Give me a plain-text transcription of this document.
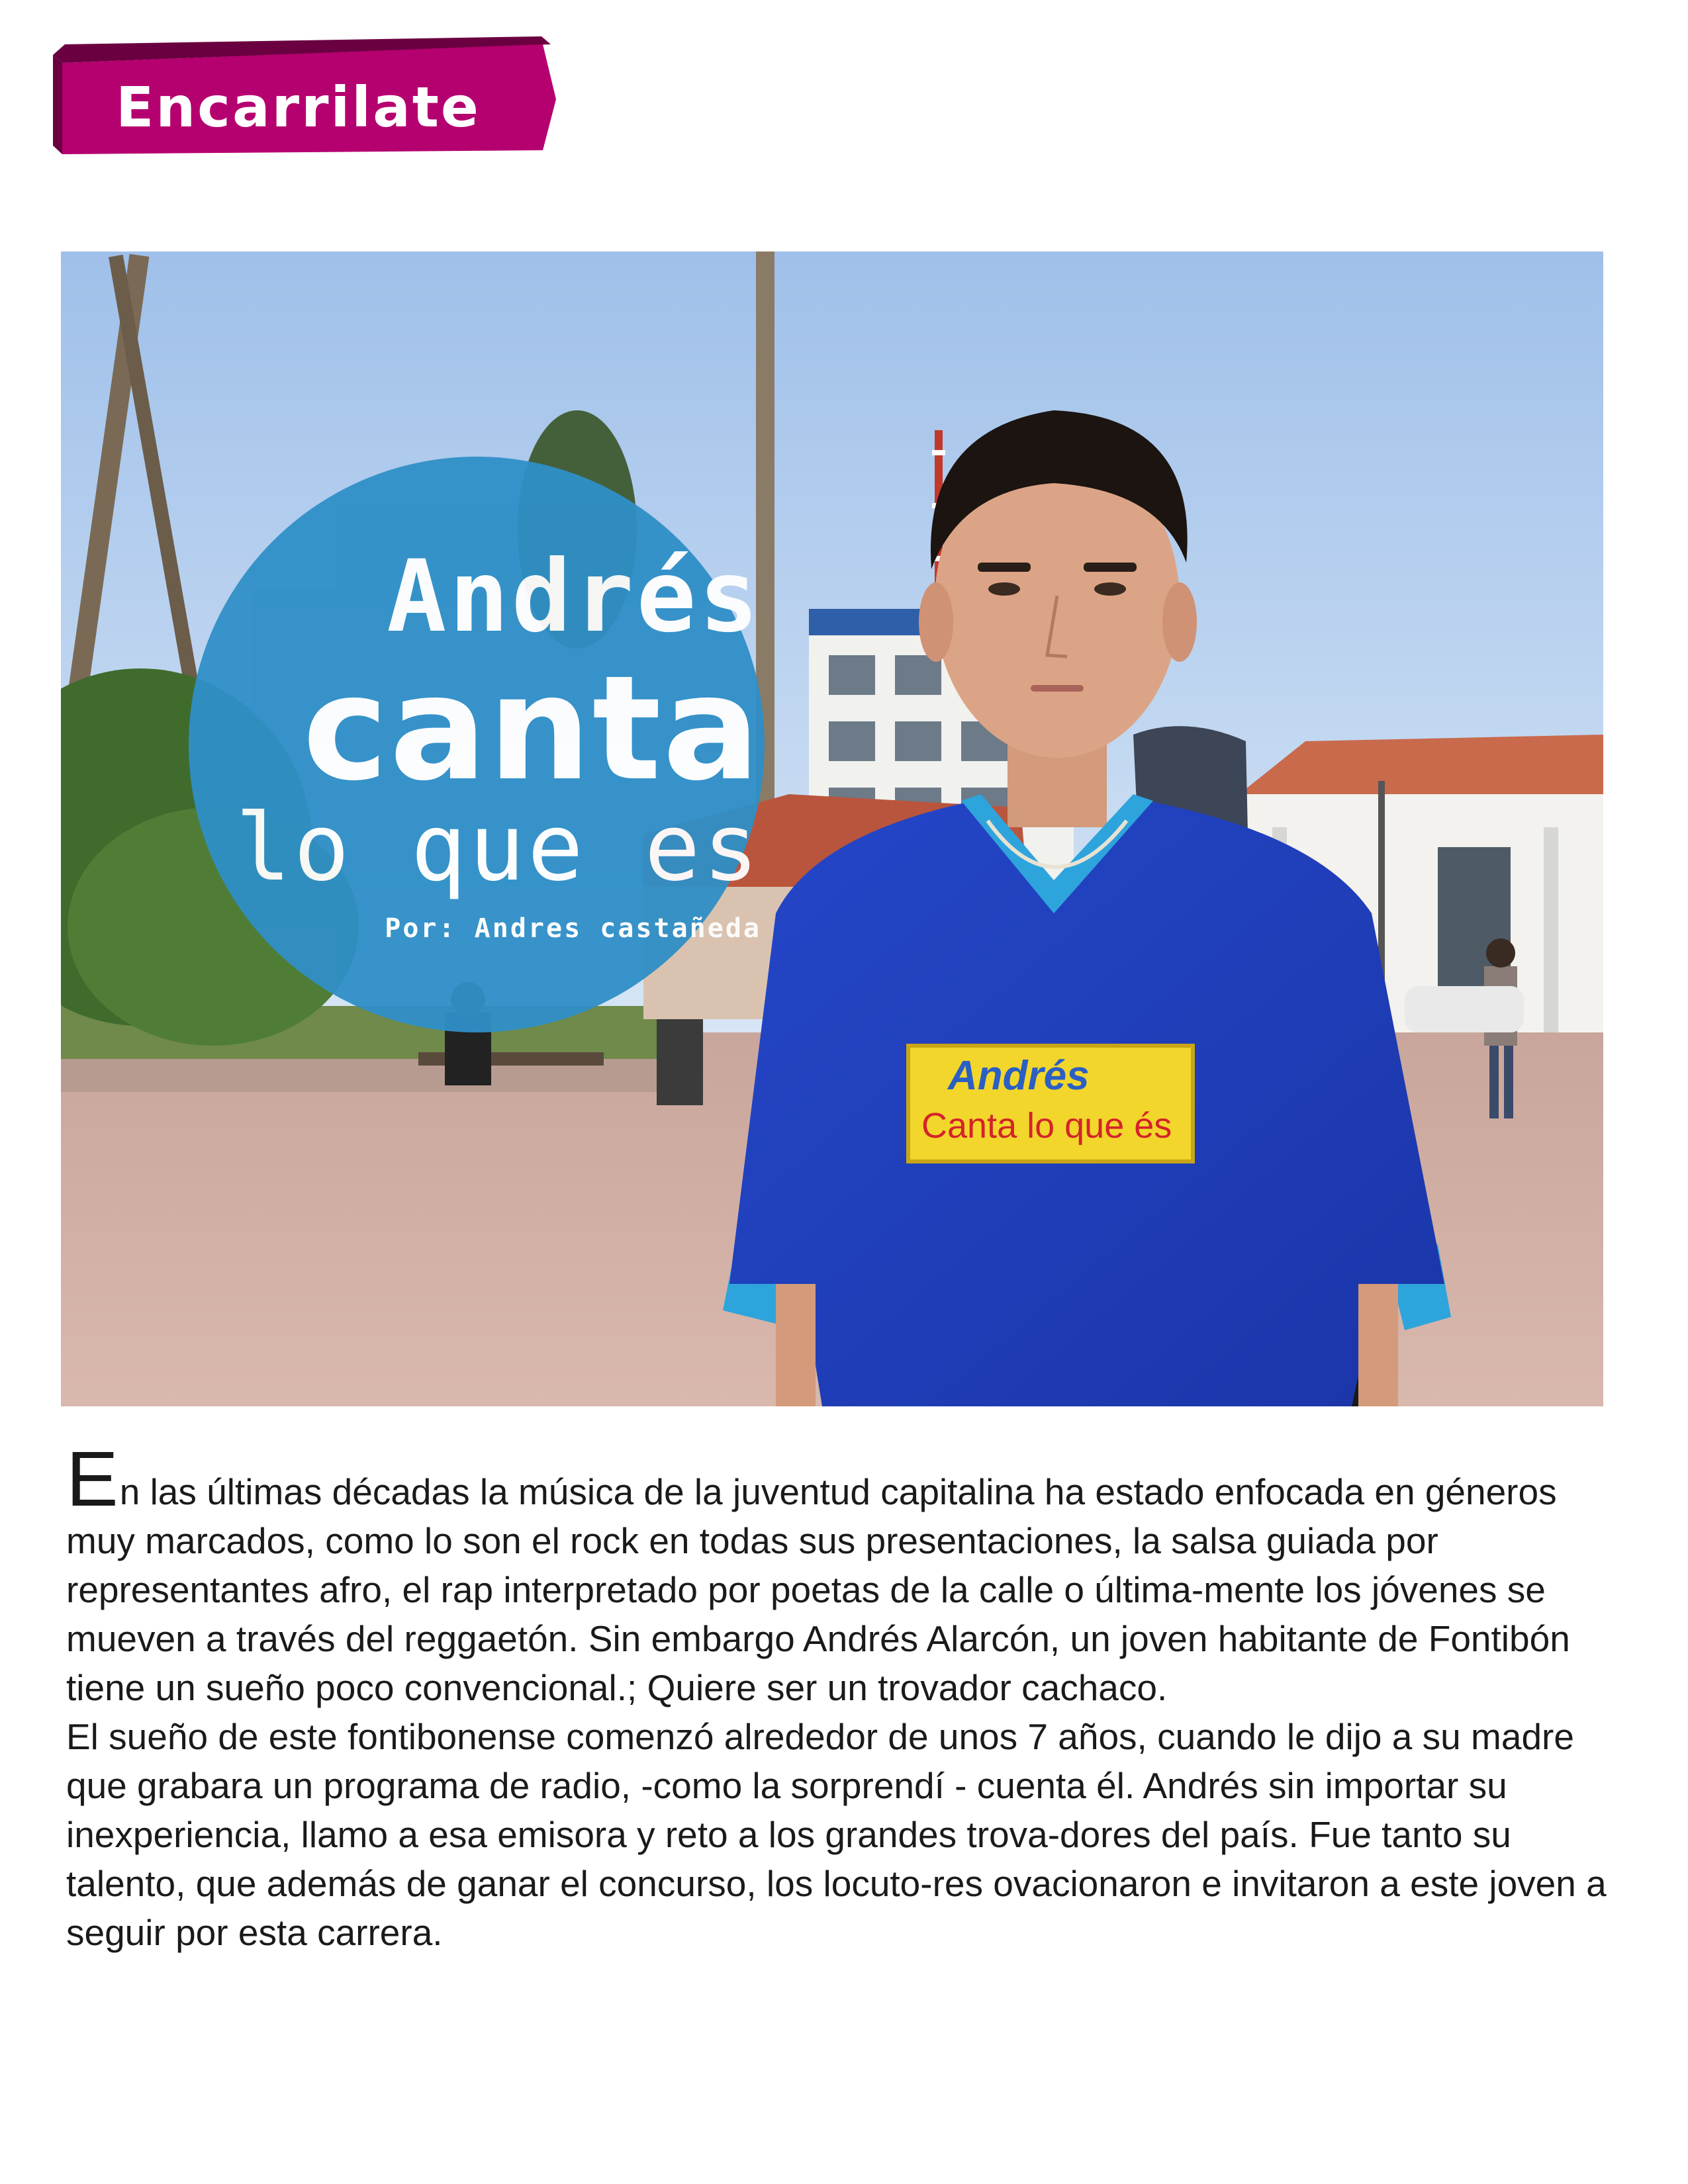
Encarrilate
Andrés
Canta lo que és
Andrés
canta
lo que es
Por: Andres castañeda

En las últimas décadas la música de la juventud capitalina ha estado enfocada en géneros muy marcados, como lo son el rock en todas sus presentaciones, la salsa guiada por representantes afro, el rap interpretado por poetas de la calle o última-mente los jóvenes se mueven a través del reggaetón. Sin embargo Andrés Alarcón, un joven habitante de Fontibón tiene un sueño poco convencional.; Quiere ser un trovador cachaco.

El sueño de este fontibonense comenzó alrededor de unos 7 años, cuando le dijo a su madre que grabara un programa de radio, -como la sorprendí - cuenta él. Andrés sin importar su inexperiencia, llamo a esa emisora y reto a los grandes trova-dores del país. Fue tanto su talento, que además de ganar el concurso, los locuto-res ovacionaron e invitaron a este joven a seguir por esta carrera.
